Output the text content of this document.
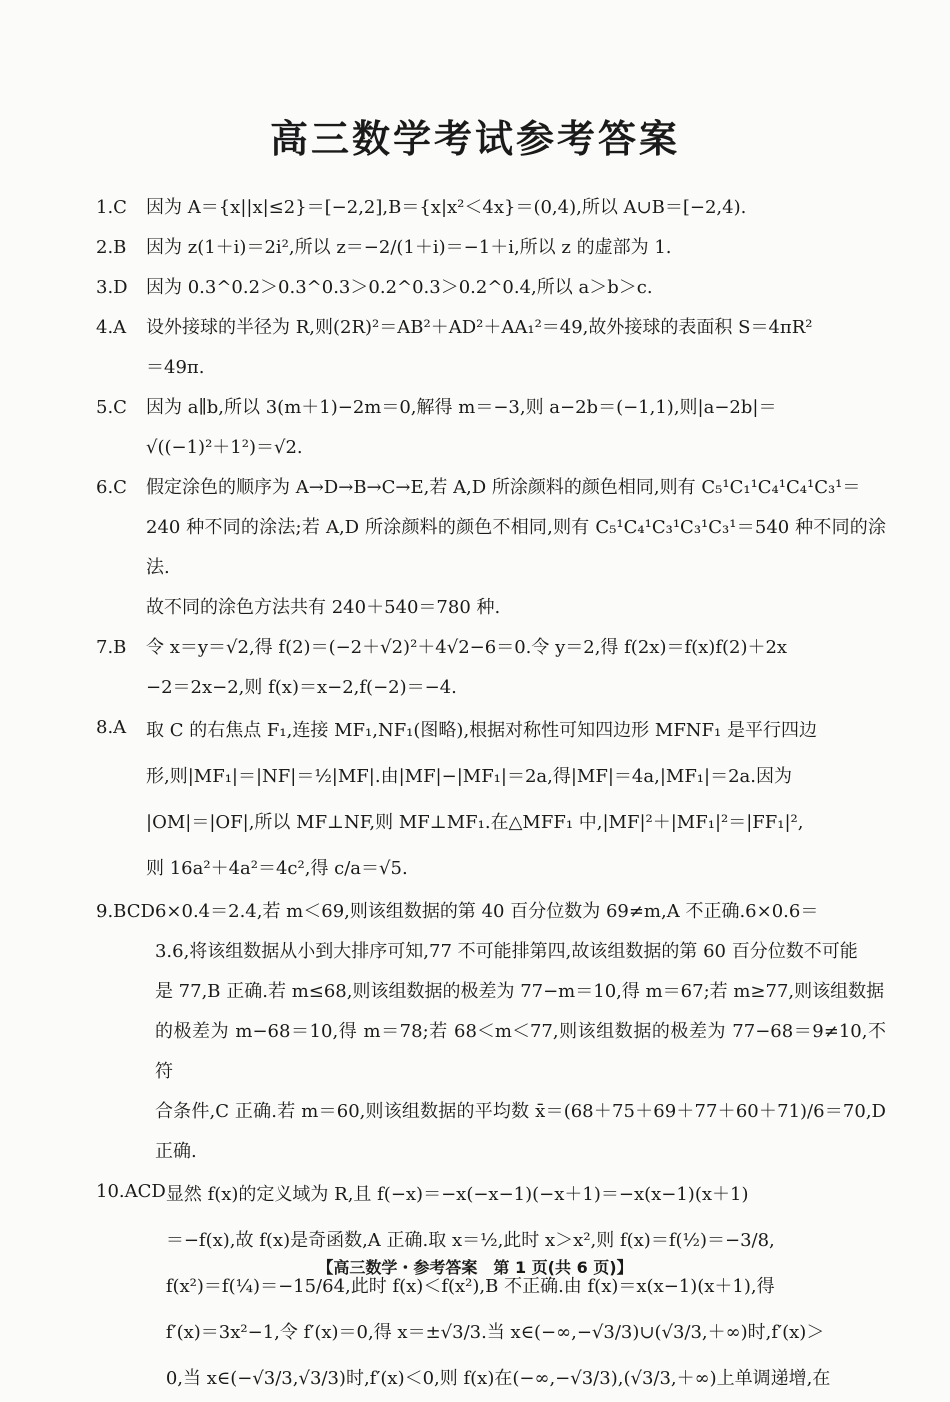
高三数学考试参考答案
1.C	因为 A＝{x||x|≤2}＝[−2,2],B＝{x|x²＜4x}＝(0,4),所以 A∪B＝[−2,4).
2.B	因为 z(1＋i)＝2i²,所以 z＝−2/(1＋i)＝−1＋i,所以 z 的虚部为 1.
3.D	因为 0.3^0.2＞0.3^0.3＞0.2^0.3＞0.2^0.4,所以 a＞b＞c.
4.A	设外接球的半径为 R,则(2R)²＝AB²＋AD²＋AA₁²＝49,故外接球的表面积 S＝4πR²
＝49π.
5.C	因为 a∥b,所以 3(m＋1)−2m＝0,解得 m＝−3,则 a−2b＝(−1,1),则|a−2b|＝
√((−1)²＋1²)＝√2.
6.C	假定涂色的顺序为 A→D→B→C→E,若 A,D 所涂颜料的颜色相同,则有 C₅¹C₁¹C₄¹C₄¹C₃¹＝
240 种不同的涂法;若 A,D 所涂颜料的颜色不相同,则有 C₅¹C₄¹C₃¹C₃¹C₃¹＝540 种不同的涂法.
故不同的涂色方法共有 240＋540＝780 种.
7.B	令 x＝y＝√2,得 f(2)＝(−2＋√2)²＋4√2−6＝0.令 y＝2,得 f(2x)＝f(x)f(2)＋2x
−2＝2x−2,则 f(x)＝x−2,f(−2)＝−4.
8.A	取 C 的右焦点 F₁,连接 MF₁,NF₁(图略),根据对称性可知四边形 MFNF₁ 是平行四边
形,则|MF₁|＝|NF|＝½|MF|.由|MF|−|MF₁|＝2a,得|MF|＝4a,|MF₁|＝2a.因为
|OM|＝|OF|,所以 MF⊥NF,则 MF⊥MF₁.在△MFF₁ 中,|MF|²＋|MF₁|²＝|FF₁|²,
则 16a²＋4a²＝4c²,得 c/a＝√5.
9.BCD 6×0.4＝2.4,若 m＜69,则该组数据的第 40 百分位数为 69≠m,A 不正确.6×0.6＝
3.6,将该组数据从小到大排序可知,77 不可能排第四,故该组数据的第 60 百分位数不可能
是 77,B 正确.若 m≤68,则该组数据的极差为 77−m＝10,得 m＝67;若 m≥77,则该组数据
的极差为 m−68＝10,得 m＝78;若 68＜m＜77,则该组数据的极差为 77−68＝9≠10,不符
合条件,C 正确.若 m＝60,则该组数据的平均数 x̄＝(68＋75＋69＋77＋60＋71)/6＝70,D 正确.
10.ACD 显然 f(x)的定义域为 R,且 f(−x)＝−x(−x−1)(−x＋1)＝−x(x−1)(x＋1)
＝−f(x),故 f(x)是奇函数,A 正确.取 x＝½,此时 x＞x²,则 f(x)＝f(½)＝−3/8,
f(x²)＝f(¼)＝−15/64,此时 f(x)＜f(x²),B 不正确.由 f(x)＝x(x−1)(x＋1),得
f′(x)＝3x²−1,令 f′(x)＝0,得 x＝±√3/3.当 x∈(−∞,−√3/3)∪(√3/3,＋∞)时,f′(x)＞
0,当 x∈(−√3/3,√3/3)时,f′(x)＜0,则 f(x)在(−∞,−√3/3),(√3/3,＋∞)上单调递增,在
【高三数学・参考答案　第 1 页(共 6 页)】
